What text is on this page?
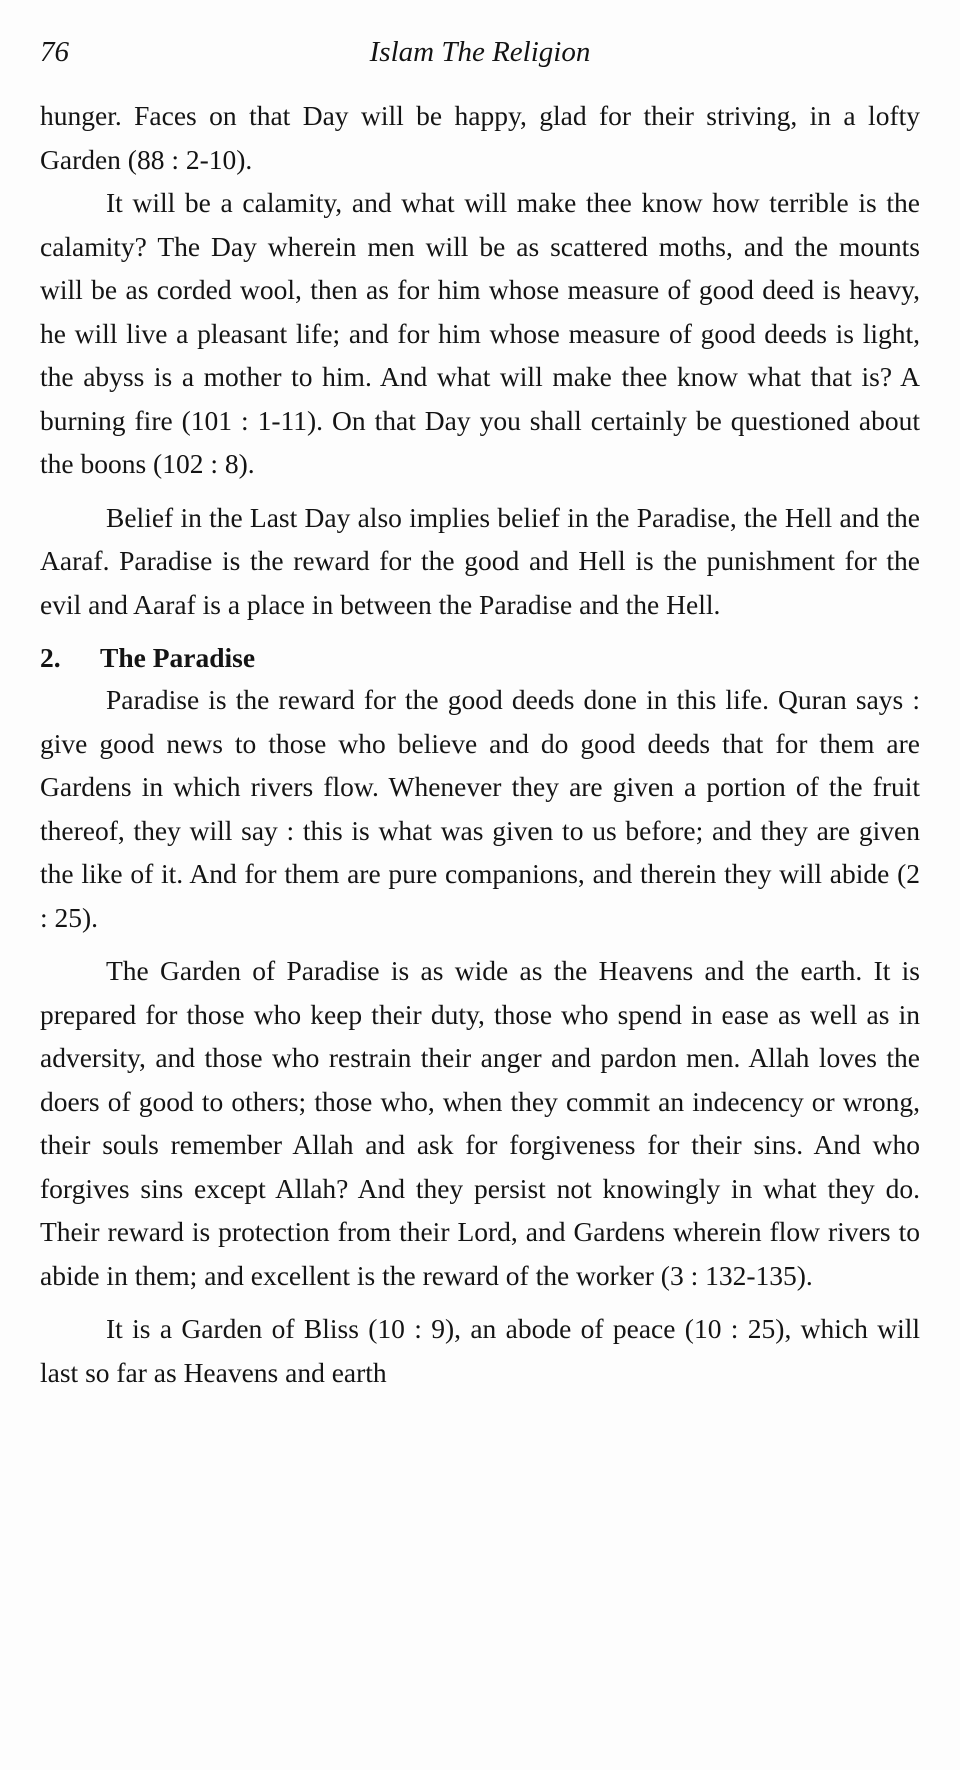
76	Islam The Religion

hunger. Faces on that Day will be happy, glad for their striving, in a lofty Garden (88 : 2-10).

It will be a calamity, and what will make thee know how terrible is the calamity? The Day wherein men will be as scattered moths, and the mounts will be as corded wool, then as for him whose measure of good deed is heavy, he will live a pleasant life; and for him whose measure of good deeds is light, the abyss is a mother to him. And what will make thee know what that is? A burning fire (101 : 1-11). On that Day you shall certainly be questioned about the boons (102 : 8).

Belief in the Last Day also implies belief in the Paradise, the Hell and the Aaraf. Paradise is the reward for the good and Hell is the punishment for the evil and Aaraf is a place in between the Paradise and the Hell.

2. The Paradise

Paradise is the reward for the good deeds done in this life. Quran says : give good news to those who believe and do good deeds that for them are Gardens in which rivers flow. Whenever they are given a portion of the fruit thereof, they will say : this is what was given to us before; and they are given the like of it. And for them are pure companions, and therein they will abide (2 : 25).

The Garden of Paradise is as wide as the Heavens and the earth. It is prepared for those who keep their duty, those who spend in ease as well as in adversity, and those who restrain their anger and pardon men. Allah loves the doers of good to others; those who, when they commit an indecency or wrong, their souls remember Allah and ask for forgiveness for their sins. And who forgives sins except Allah? And they persist not knowingly in what they do. Their reward is protection from their Lord, and Gardens wherein flow rivers to abide in them; and excellent is the reward of the worker (3 : 132-135).

It is a Garden of Bliss (10 : 9), an abode of peace (10 : 25), which will last so far as Heavens and earth
